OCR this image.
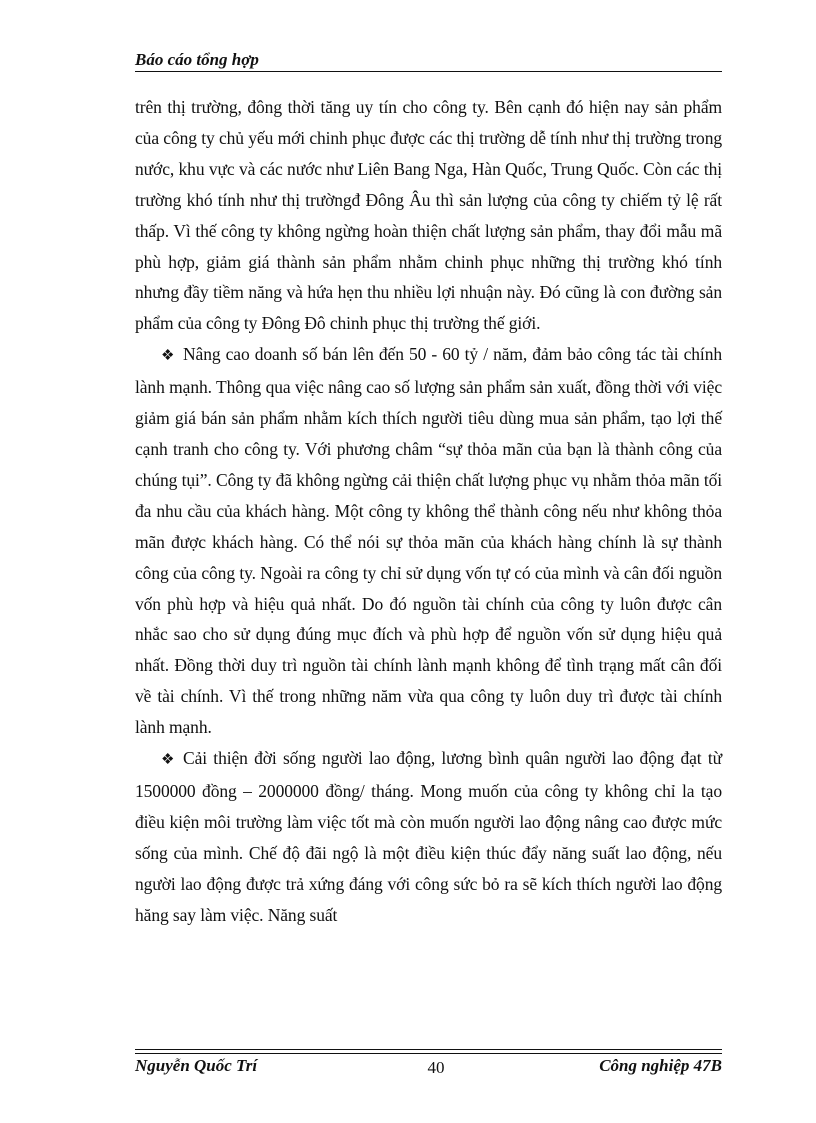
Báo cáo tổng hợp

trên thị trường, đông thời tăng uy tín cho công ty. Bên cạnh đó hiện nay sản phẩm của công ty chủ yếu mới chinh phục được các thị trường dễ tính như thị trường trong nước, khu vực và các nước như Liên Bang Nga, Hàn Quốc, Trung Quốc. Còn các thị trường khó tính như thị trườngđ Đông Âu thì sản lượng của công ty chiếm tỷ lệ rất thấp. Vì thế công ty không ngừng hoàn thiện chất lượng sản phẩm, thay đổi mẫu mã phù hợp, giảm giá thành sản phẩm nhằm chinh phục những thị trường khó tính nhưng đầy tiềm năng và hứa hẹn thu nhiều lợi nhuận này. Đó cũng là con đường sản phẩm của công ty Đông Đô chinh phục thị trường thế giới.

❖ Nâng cao doanh số bán lên đến 50 - 60 tỷ / năm, đảm bảo công tác tài chính lành mạnh. Thông qua việc nâng cao số lượng sản phẩm sản xuất, đồng thời với việc giảm giá bán sản phẩm nhằm kích thích người tiêu dùng mua sản phẩm, tạo lợi thế cạnh tranh cho công ty. Với phương châm “sự thỏa mãn của bạn là thành công của chúng tụi”. Công ty đã không ngừng cải thiện chất lượng phục vụ nhằm thỏa mãn tối đa nhu cầu của khách hàng. Một công ty không thể thành công nếu như không thỏa mãn được khách hàng. Có thể nói sự thỏa mãn của khách hàng chính là sự thành công của công ty. Ngoài ra công ty chỉ sử dụng vốn tự có của mình và cân đối nguồn vốn phù hợp và hiệu quả nhất. Do đó nguồn tài chính của công ty luôn được cân nhắc sao cho sử dụng đúng mục đích và phù hợp để nguồn vốn sử dụng hiệu quả nhất. Đồng thời duy trì nguồn tài chính lành mạnh không để tình trạng mất cân đối về tài chính. Vì thế trong những năm vừa qua công ty luôn duy trì được tài chính lành mạnh.

❖ Cải thiện đời sống người lao động, lương bình quân người lao động đạt từ 1500000 đồng – 2000000 đồng/ tháng. Mong muốn của công ty không chỉ la tạo điều kiện môi trường làm việc tốt mà còn muốn người lao động nâng cao được mức sống của mình. Chế độ đãi ngộ là một điều kiện thúc đẩy năng suất lao động, nếu người lao động được trả xứng đáng với công sức bỏ ra sẽ kích thích người lao động hăng say làm việc. Năng suất

Nguyễn Quốc Trí	40	Công nghiệp 47B
